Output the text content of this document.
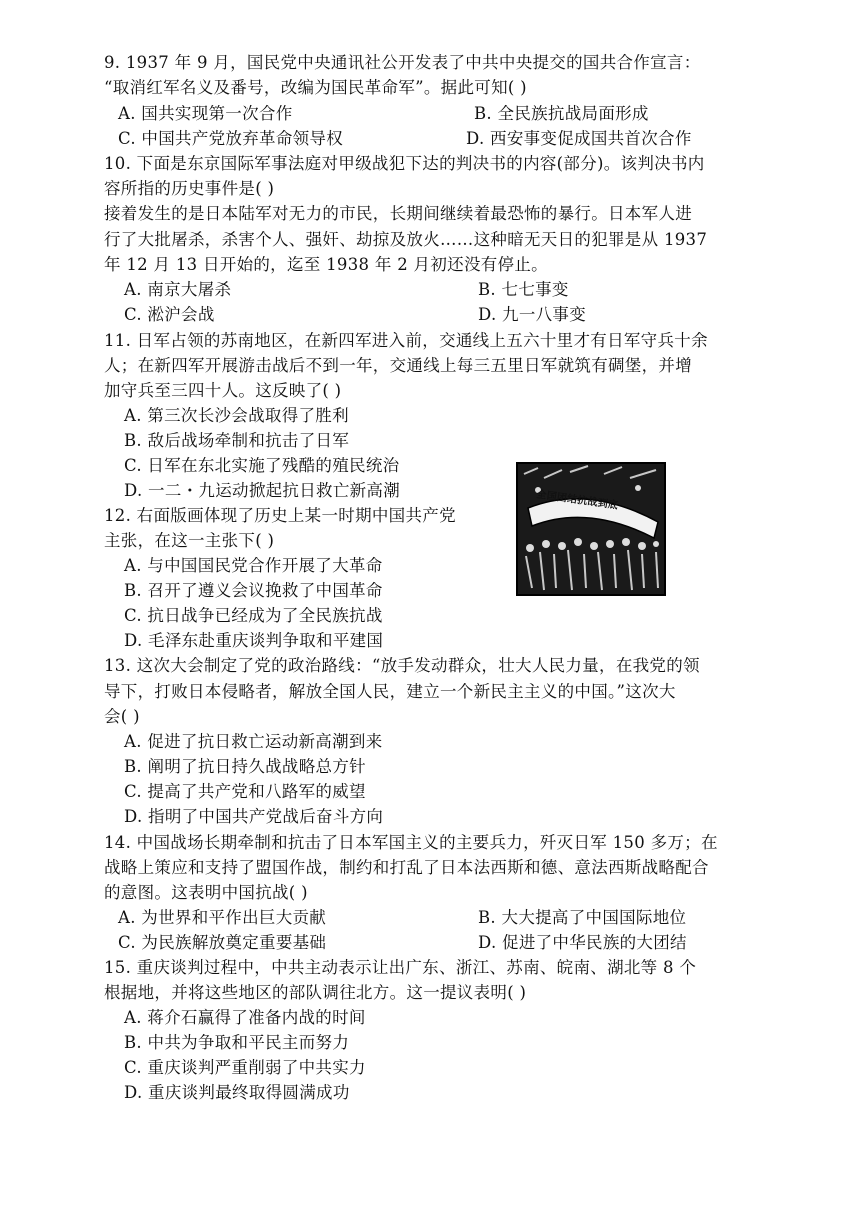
9. 1937 年 9 月，国民党中央通讯社公开发表了中共中央提交的国共合作宣言：
“取消红军名义及番号，改编为国民革命军”。据此可知( )
A. 国共实现第一次合作	B. 全民族抗战局面形成
C. 中国共产党放弃革命领导权	D. 西安事变促成国共首次合作
10. 下面是东京国际军事法庭对甲级战犯下达的判决书的内容(部分)。该判决书内
容所指的历史事件是( )
接着发生的是日本陆军对无力的市民，长期间继续着最恐怖的暴行。日本军人进
行了大批屠杀，杀害个人、强奸、劫掠及放火……这种暗无天日的犯罪是从 1937
年 12 月 13 日开始的，迄至 1938 年 2 月初还没有停止。
A. 南京大屠杀	B. 七七事变
C. 淞沪会战	D. 九一八事变
11. 日军占领的苏南地区，在新四军进入前，交通线上五六十里才有日军守兵十余
人；在新四军开展游击战后不到一年，交通线上每三五里日军就筑有碉堡，并增
加守兵至三四十人。这反映了( )
A. 第三次长沙会战取得了胜利
B. 敌后战场牵制和抗击了日军
C. 日军在东北实施了残酷的殖民统治
D. 一二・九运动掀起抗日救亡新高潮
12. 右面版画体现了历史上某一时期中国共产党
主张，在这一主张下( )
A. 与中国国民党合作开展了大革命
B. 召开了遵义会议挽救了中国革命
C. 抗日战争已经成为了全民族抗战
D. 毛泽东赴重庆谈判争取和平建国
全国团结抗战到底
13. 这次大会制定了党的政治路线：“放手发动群众，壮大人民力量，在我党的领
导下，打败日本侵略者，解放全国人民，建立一个新民主主义的中国。”这次大
会( )
A. 促进了抗日救亡运动新高潮到来
B. 阐明了抗日持久战战略总方针
C. 提高了共产党和八路军的威望
D. 指明了中国共产党战后奋斗方向
14. 中国战场长期牵制和抗击了日本军国主义的主要兵力，歼灭日军 150 多万；在
战略上策应和支持了盟国作战，制约和打乱了日本法西斯和德、意法西斯战略配合
的意图。这表明中国抗战( )
A. 为世界和平作出巨大贡献	B. 大大提高了中国国际地位
C. 为民族解放奠定重要基础	D. 促进了中华民族的大团结
15. 重庆谈判过程中，中共主动表示让出广东、浙江、苏南、皖南、湖北等 8 个
根据地，并将这些地区的部队调往北方。这一提议表明( )
A. 蒋介石赢得了准备内战的时间
B. 中共为争取和平民主而努力
C. 重庆谈判严重削弱了中共实力
D. 重庆谈判最终取得圆满成功
